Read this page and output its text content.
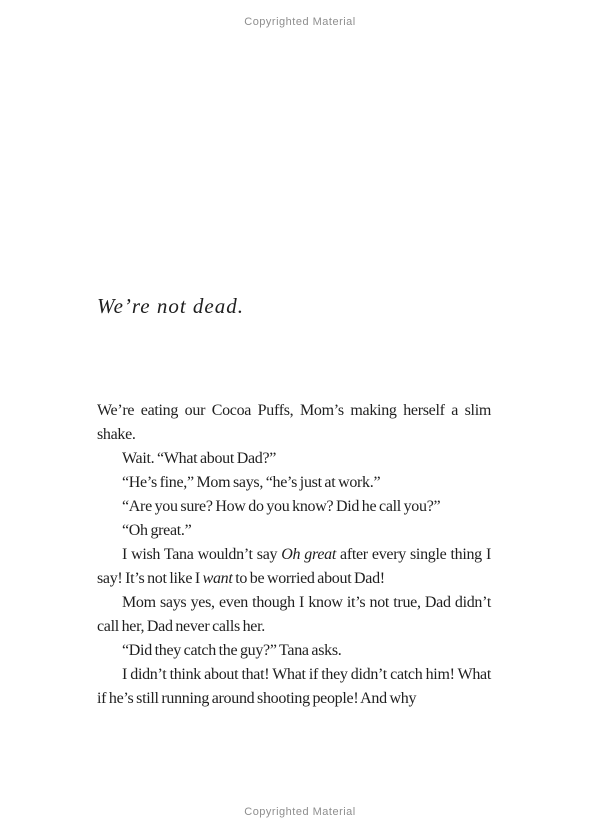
Copyrighted Material
We’re not dead.

We’re eating our Cocoa Puffs, Mom’s making herself a slim shake.

Wait. “What about Dad?”

“He’s fine,” Mom says, “he’s just at work.”

“Are you sure? How do you know? Did he call you?”

“Oh great.”

I wish Tana wouldn’t say Oh great after every single thing I say! It’s not like I want to be worried about Dad!

Mom says yes, even though I know it’s not true, Dad didn’t call her, Dad never calls her.

“Did they catch the guy?” Tana asks.

I didn’t think about that! What if they didn’t catch him! What if he’s still running around shooting people! And why

Copyrighted Material
